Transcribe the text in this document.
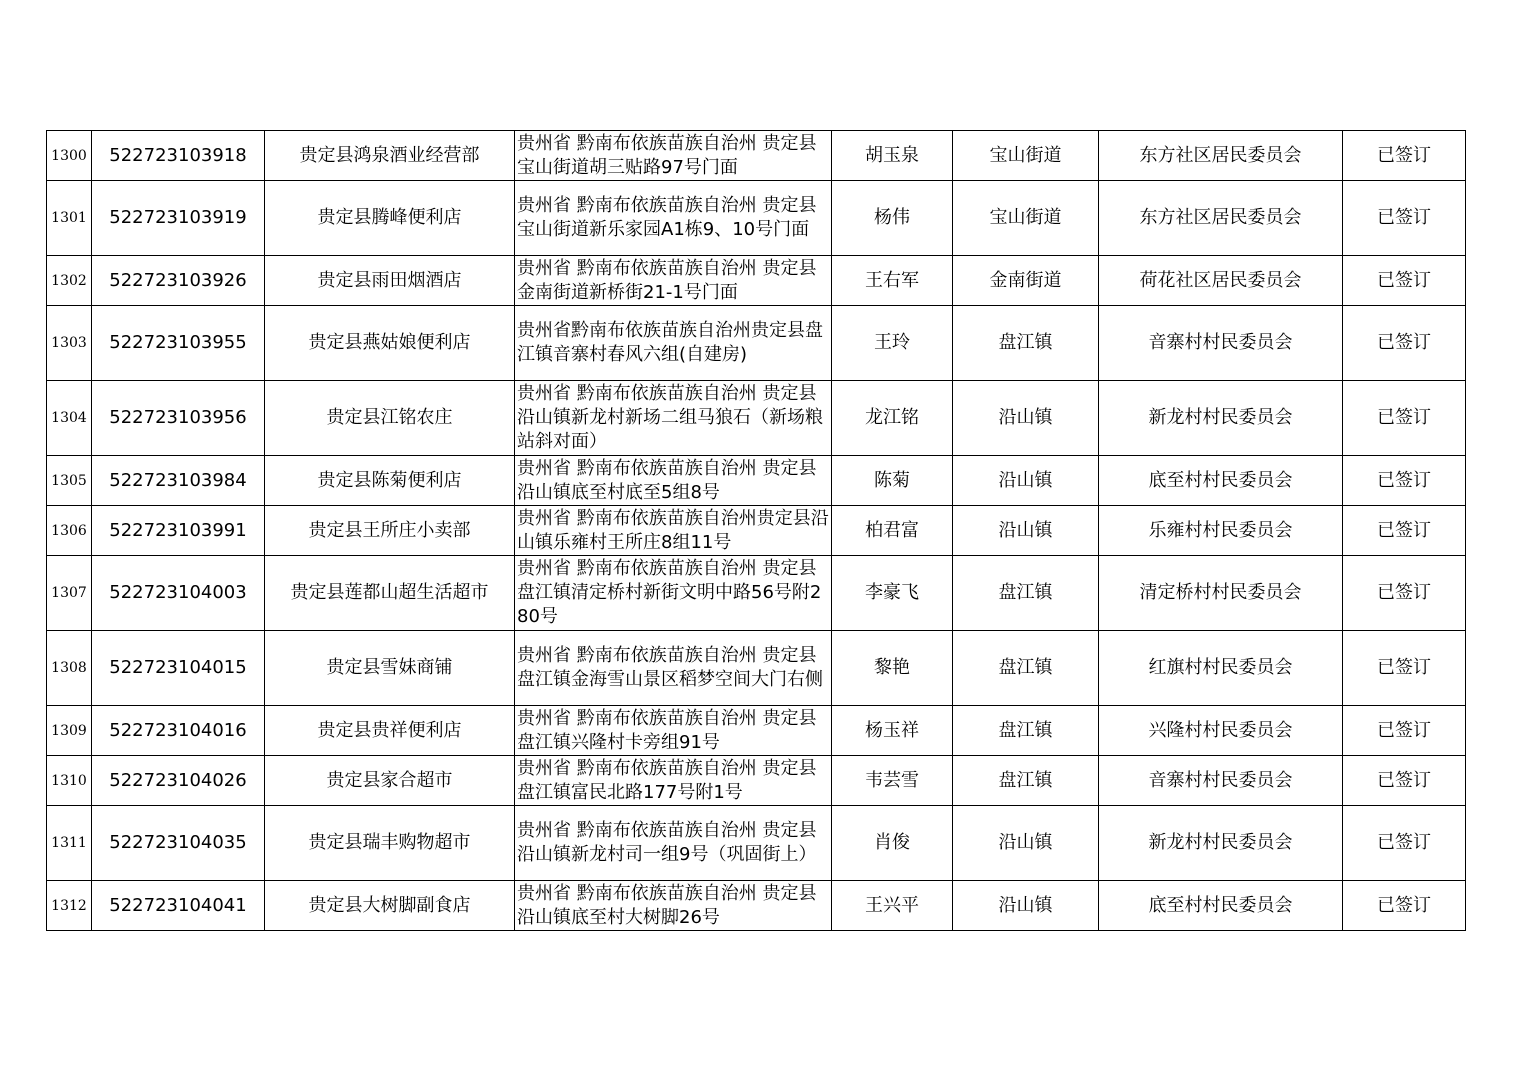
1300	522723103918	贵定县鸿泉酒业经营部	贵州省 黔南布依族苗族自治州 贵定县宝山街道胡三贴路97号门面	胡玉泉	宝山街道	东方社区居民委员会	已签订
1301	522723103919	贵定县腾峰便利店	贵州省 黔南布依族苗族自治州 贵定县宝山街道新乐家园A1栋9、10号门面	杨伟	宝山街道	东方社区居民委员会	已签订
1302	522723103926	贵定县雨田烟酒店	贵州省 黔南布依族苗族自治州 贵定县金南街道新桥街21-1号门面	王右军	金南街道	荷花社区居民委员会	已签订
1303	522723103955	贵定县燕姑娘便利店	贵州省黔南布依族苗族自治州贵定县盘江镇音寨村春风六组(自建房)	王玲	盘江镇	音寨村村民委员会	已签订
1304	522723103956	贵定县江铭农庄	贵州省 黔南布依族苗族自治州 贵定县沿山镇新龙村新场二组马狼石（新场粮站斜对面）	龙江铭	沿山镇	新龙村村民委员会	已签订
1305	522723103984	贵定县陈菊便利店	贵州省 黔南布依族苗族自治州 贵定县沿山镇底至村底至5组8号	陈菊	沿山镇	底至村村民委员会	已签订
1306	522723103991	贵定县王所庄小卖部	贵州省 黔南布依族苗族自治州贵定县沿山镇乐雍村王所庄8组11号	柏君富	沿山镇	乐雍村村民委员会	已签订
1307	522723104003	贵定县莲都山超生活超市	贵州省 黔南布依族苗族自治州 贵定县盘江镇清定桥村新街文明中路56号附280号	李豪飞	盘江镇	清定桥村村民委员会	已签订
1308	522723104015	贵定县雪妹商铺	贵州省 黔南布依族苗族自治州 贵定县盘江镇金海雪山景区稻梦空间大门右侧	黎艳	盘江镇	红旗村村民委员会	已签订
1309	522723104016	贵定县贵祥便利店	贵州省 黔南布依族苗族自治州 贵定县盘江镇兴隆村卡旁组91号	杨玉祥	盘江镇	兴隆村村民委员会	已签订
1310	522723104026	贵定县家合超市	贵州省 黔南布依族苗族自治州 贵定县盘江镇富民北路177号附1号	韦芸雪	盘江镇	音寨村村民委员会	已签订
1311	522723104035	贵定县瑞丰购物超市	贵州省 黔南布依族苗族自治州 贵定县沿山镇新龙村司一组9号（巩固街上）	肖俊	沿山镇	新龙村村民委员会	已签订
1312	522723104041	贵定县大树脚副食店	贵州省 黔南布依族苗族自治州 贵定县沿山镇底至村大树脚26号	王兴平	沿山镇	底至村村民委员会	已签订
